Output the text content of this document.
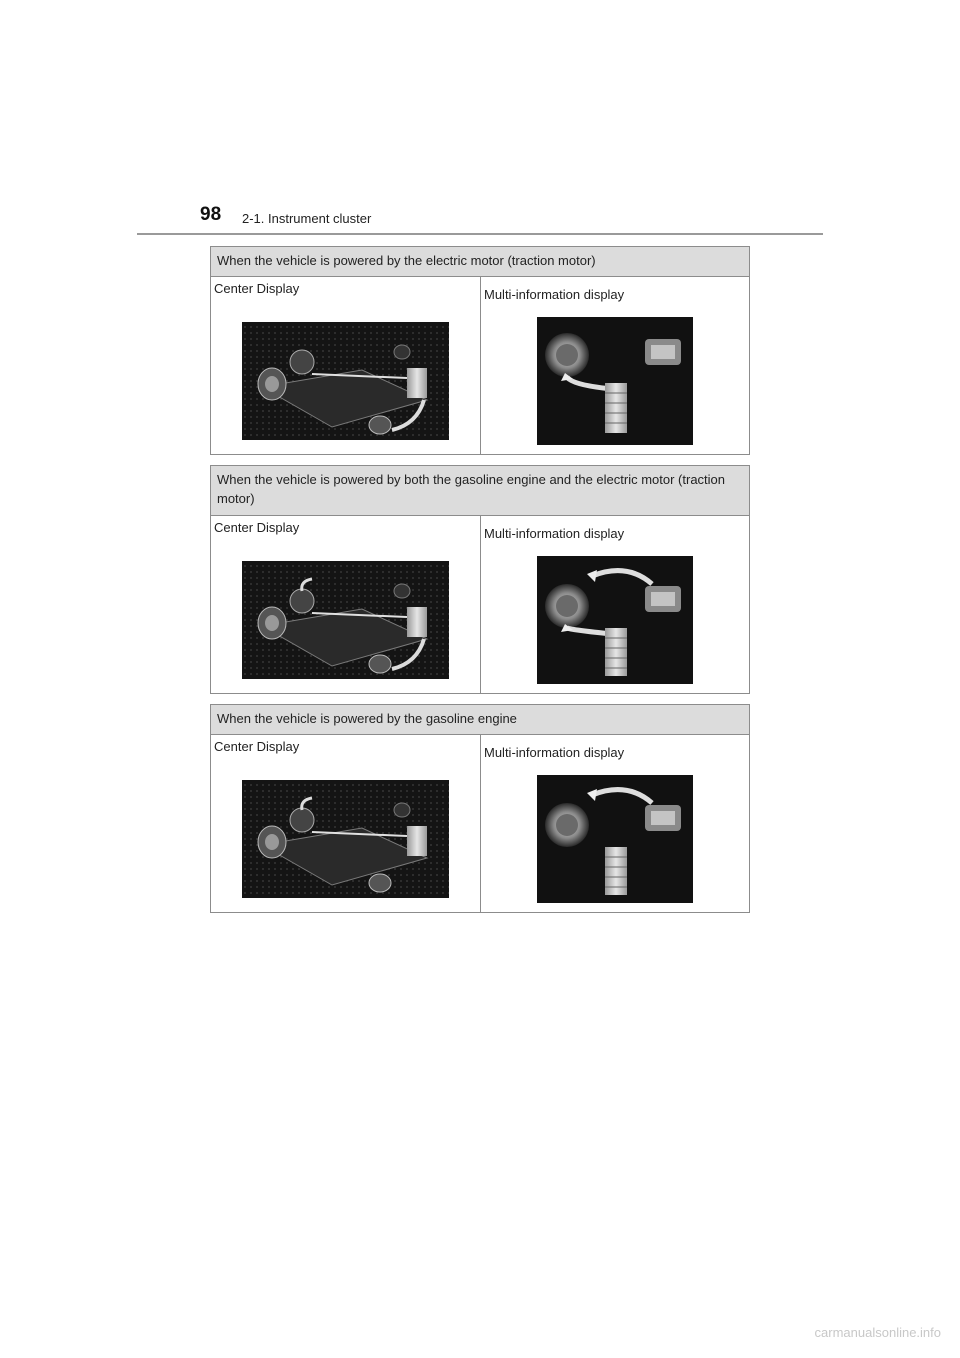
98 2-1. Instrument cluster
When the vehicle is powered by the electric motor (traction motor)
Center Display	Multi-information display
When the vehicle is powered by both the gasoline engine and the electric motor (traction motor)
Center Display	Multi-information display
When the vehicle is powered by the gasoline engine
Center Display	Multi-information display
carmanualsonline.info
